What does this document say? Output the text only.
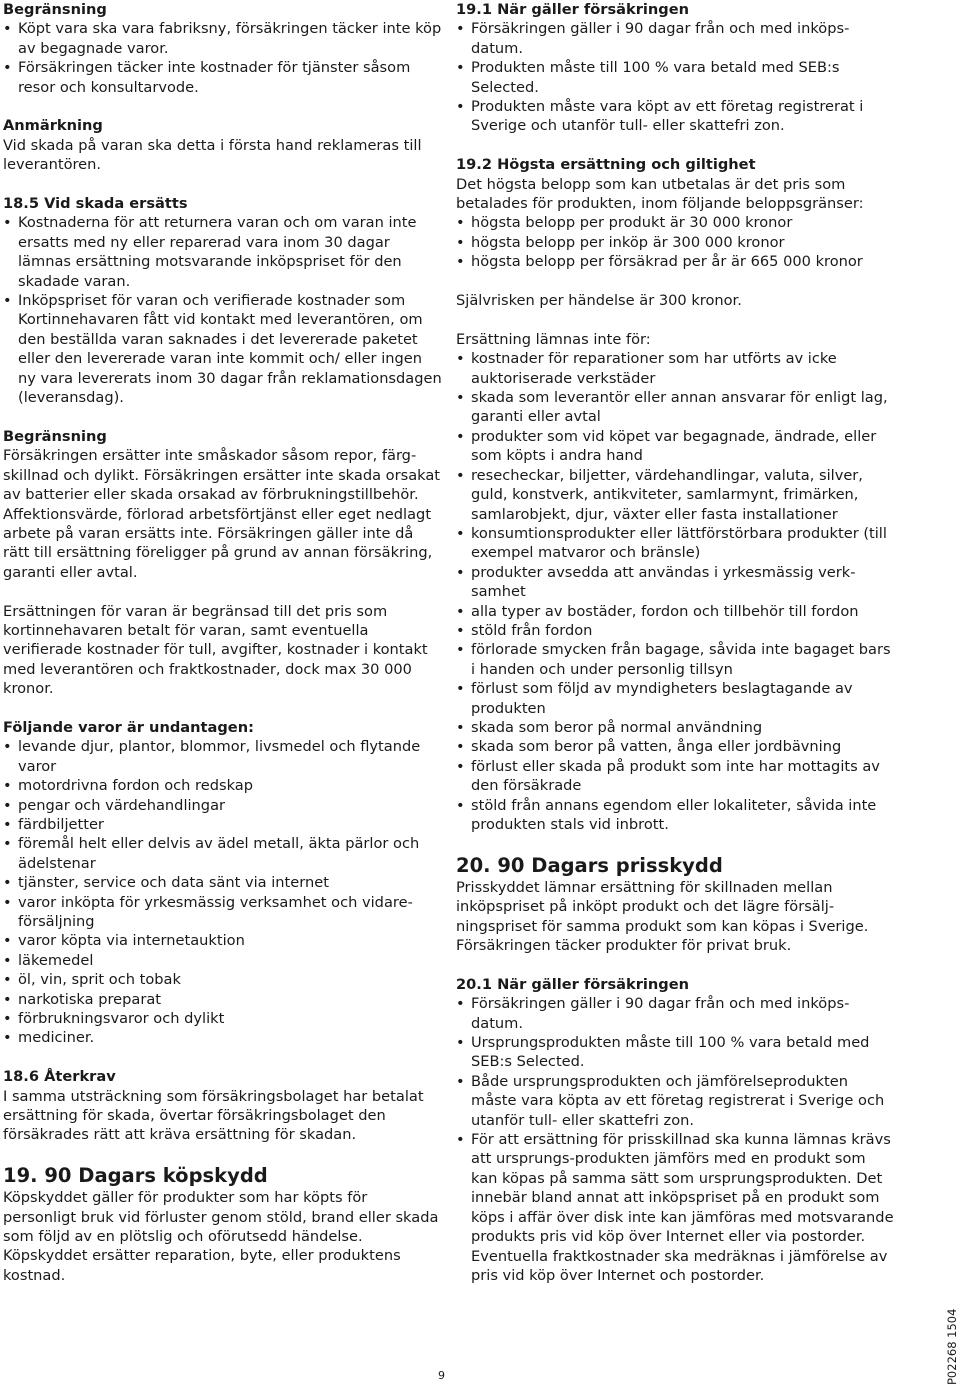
Begränsning
• Köpt vara ska vara fabriksny, försäkringen täcker inte köp av begagnade varor.
• Försäkringen täcker inte kostnader för tjänster såsom resor och konsultarvode.
Anmärkning

Vid skada på varan ska detta i första hand reklameras till leverantören.

18.5 Vid skada ersätts
• Kostnaderna för att returnera varan och om varan inte ersatts med ny eller reparerad vara inom 30 dagar lämnas ersättning motsvarande inköpspriset för den skadade varan.
• Inköpspriset för varan och verifierade kostnader som Kortinnehavaren fått vid kontakt med leverantören, om den beställda varan saknades i det levererade paketet eller den levererade varan inte kommit och/ eller ingen ny vara levererats inom 30 dagar från reklamationsdagen (leveransdag).
Begränsning

Försäkringen ersätter inte småskador såsom repor, färgskillnad och dylikt. Försäkringen ersätter inte skada orsakat av batterier eller skada orsakad av förbrukningstillbehör. Affektionsvärde, förlorad arbetsförtjänst eller eget nedlagt arbete på varan ersätts inte. Försäkringen gäller inte då rätt till ersättning föreligger på grund av annan försäkring, garanti eller avtal.

Ersättningen för varan är begränsad till det pris som kortinnehavaren betalt för varan, samt eventuella verifierade kostnader för tull, avgifter, kostnader i kontakt med leverantören och fraktkostnader, dock max 30 000 kronor.

Följande varor är undantagen:
• levande djur, plantor, blommor, livsmedel och flytande varor
• motordrivna fordon och redskap
• pengar och värdehandlingar
• färdbiljetter
• föremål helt eller delvis av ädel metall, äkta pärlor och ädelstenar
• tjänster, service och data sänt via internet
• varor inköpta för yrkesmässig verksamhet och vidareförsäljning
• varor köpta via internetauktion
• läkemedel
• öl, vin, sprit och tobak
• narkotiska preparat
• förbrukningsvaror och dylikt
• mediciner.
18.6 Återkrav

I samma utsträckning som försäkringsbolaget har betalat ersättning för skada, övertar försäkringsbolaget den försäkrades rätt att kräva ersättning för skadan.

19. 90 Dagars köpskydd

Köpskyddet gäller för produkter som har köpts för personligt bruk vid förluster genom stöld, brand eller skada som följd av en plötslig och oförutsedd händelse. Köpskyddet ersätter reparation, byte, eller produktens kostnad.

19.1 När gäller försäkringen
• Försäkringen gäller i 90 dagar från och med inköpsdatum.
• Produkten måste till 100 % vara betald med SEB:s Selected.
• Produkten måste vara köpt av ett företag registrerat i Sverige och utanför tull- eller skattefri zon.
19.2 Högsta ersättning och giltighet

Det högsta belopp som kan utbetalas är det pris som betalades för produkten, inom följande beloppsgränser:

• högsta belopp per produkt är 30 000 kronor
• högsta belopp per inköp är 300 000 kronor
• högsta belopp per försäkrad per år är 665 000 kronor

Självrisken per händelse är 300 kronor.

Ersättning lämnas inte för:

• kostnader för reparationer som har utförts av icke auktoriserade verkstäder
• skada som leverantör eller annan ansvarar för enligt lag, garanti eller avtal
• produkter som vid köpet var begagnade, ändrade, eller som köpts i andra hand
• resecheckar, biljetter, värdehandlingar, valuta, silver, guld, konstverk, antikviteter, samlarmynt, frimärken, samlarobjekt, djur, växter eller fasta installationer
• konsumtionsprodukter eller lättförstörbara produkter (till exempel matvaror och bränsle)
• produkter avsedda att användas i yrkesmässig verksamhet
• alla typer av bostäder, fordon och tillbehör till fordon
• stöld från fordon
• förlorade smycken från bagage, såvida inte bagaget bars i handen och under personlig tillsyn
• förlust som följd av myndigheters beslagtagande av produkten
• skada som beror på normal användning
• skada som beror på vatten, ånga eller jordbävning
• förlust eller skada på produkt som inte har mottagits av den försäkrade
• stöld från annans egendom eller lokaliteter, såvida inte produkten stals vid inbrott.
20. 90 Dagars prisskydd

Prisskyddet lämnar ersättning för skillnaden mellan inköpspriset på inköpt produkt och det lägre försäljningspriset för samma produkt som kan köpas i Sverige. Försäkringen täcker produkter för privat bruk.

20.1 När gäller försäkringen
• Försäkringen gäller i 90 dagar från och med inköpsdatum.
• Ursprungsprodukten måste till 100 % vara betald med SEB:s Selected.
• Både ursprungsprodukten och jämförelseprodukten måste vara köpta av ett företag registrerat i Sverige och utanför tull- eller skattefri zon.
• För att ersättning för prisskillnad ska kunna lämnas krävs att ursprungs-produkten jämförs med en produkt som kan köpas på samma sätt som ursprungsprodukten. Det innebär bland annat att inköpspriset på en produkt som köps i affär över disk inte kan jämföras med motsvarande produkts pris vid köp över Internet eller via postorder. Eventuella fraktkostnader ska medräknas i jämförelse av pris vid köp över Internet och postorder.
9	P02268 1504
